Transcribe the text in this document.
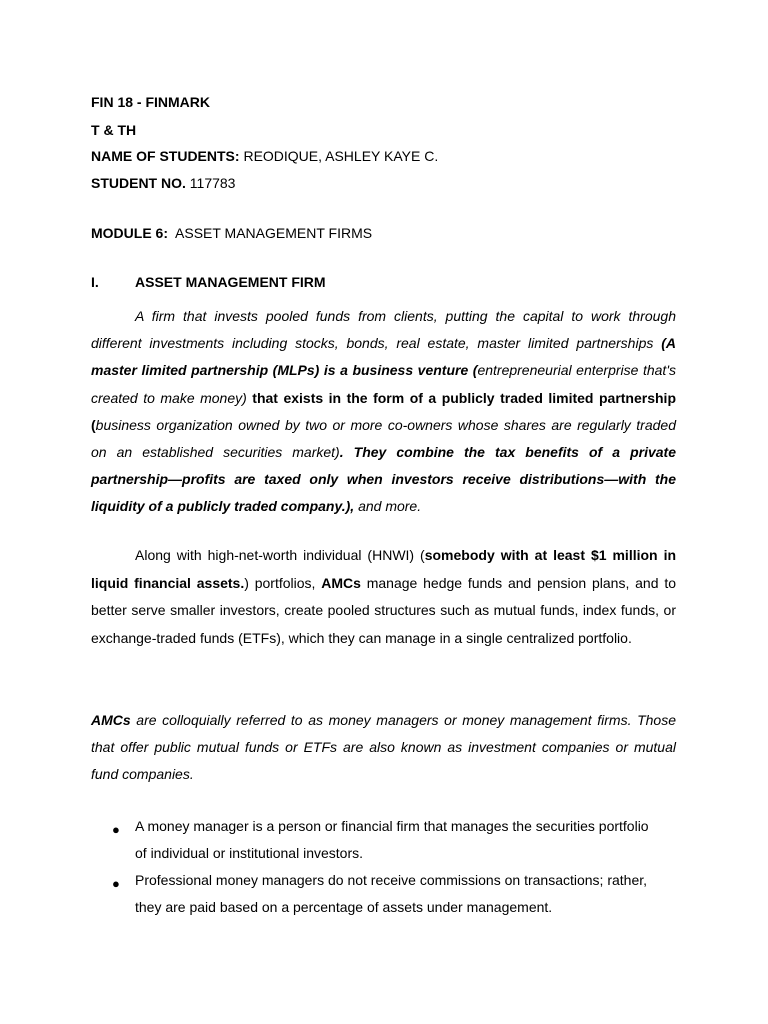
FIN 18 - FINMARK
T & TH
NAME OF STUDENTS: REODIQUE, ASHLEY KAYE C.
STUDENT NO. 117783
MODULE 6: ASSET MANAGEMENT FIRMS
I.	ASSET MANAGEMENT FIRM
A firm that invests pooled funds from clients, putting the capital to work through different investments including stocks, bonds, real estate, master limited partnerships (A master limited partnership (MLPs) is a business venture (entrepreneurial enterprise that's created to make money) that exists in the form of a publicly traded limited partnership (business organization owned by two or more co-owners whose shares are regularly traded on an established securities market). They combine the tax benefits of a private partnership—profits are taxed only when investors receive distributions—with the liquidity of a publicly traded company.), and more.
Along with high-net-worth individual (HNWI) (somebody with at least $1 million in liquid financial assets.) portfolios, AMCs manage hedge funds and pension plans, and to better serve smaller investors, create pooled structures such as mutual funds, index funds, or exchange-traded funds (ETFs), which they can manage in a single centralized portfolio.
AMCs are colloquially referred to as money managers or money management firms. Those that offer public mutual funds or ETFs are also known as investment companies or mutual fund companies.
● A money manager is a person or financial firm that manages the securities portfolio of individual or institutional investors.
● Professional money managers do not receive commissions on transactions; rather, they are paid based on a percentage of assets under management.
